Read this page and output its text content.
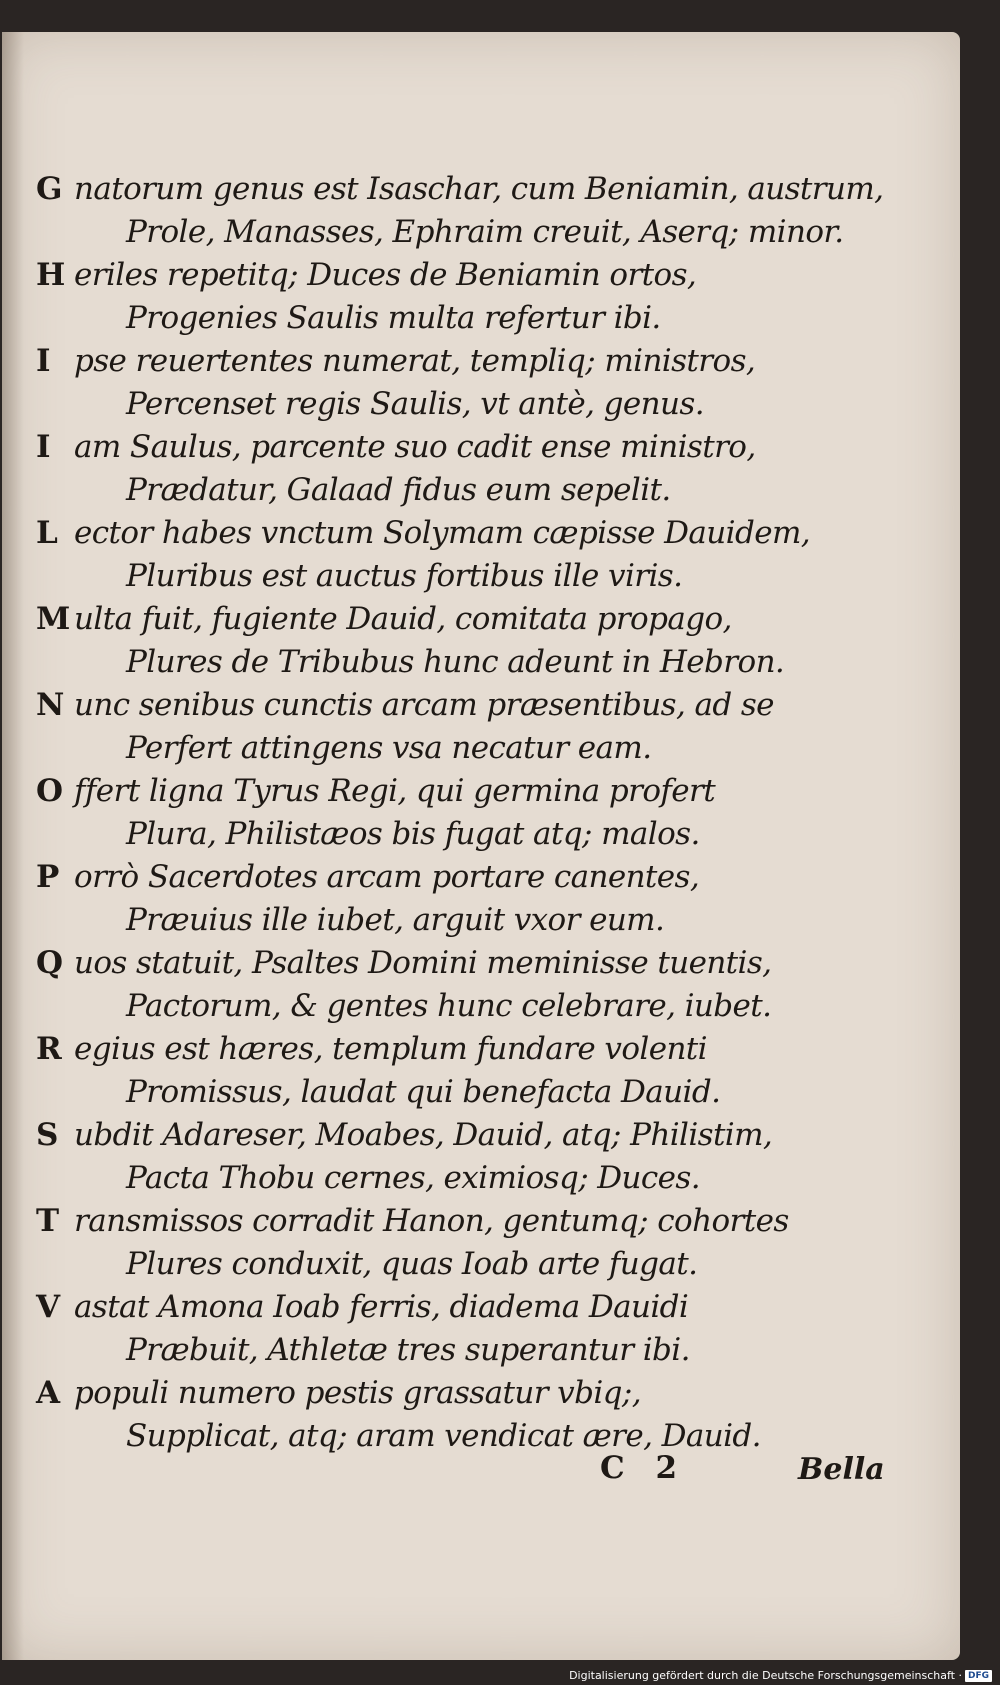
G natorum genus est Isaschar, cum Beniamin, austrum,
Prole, Manasses, Ephraim creuit, Aserq; minor.
H eriles repetitq; Duces de Beniamin ortos,
Progenies Saulis multa refertur ibi.
I pse reuertentes numerat, templiq; ministros,
Percenset regis Saulis, vt antè, genus.
I am Saulus, parcente suo cadit ense ministro,
Prædatur, Galaad fidus eum sepelit.
L ector habes vnctum Solymam cæpisse Dauidem,
Pluribus est auctus fortibus ille viris.
M ulta fuit, fugiente Dauid, comitata propago,
Plures de Tribubus hunc adeunt in Hebron.
N unc senibus cunctis arcam præsentibus, ad se
Perfert attingens vsa necatur eam.
O ffert ligna Tyrus Regi, qui germina profert
Plura, Philistæos bis fugat atq; malos.
P orrò Sacerdotes arcam portare canentes,
Præuius ille iubet, arguit vxor eum.
Q uos statuit, Psaltes Domini meminisse tuentis,
Pactorum, & gentes hunc celebrare, iubet.
R egius est hæres, templum fundare volenti
Promissus, laudat qui benefacta Dauid.
S ubdit Adareser, Moabes, Dauid, atq; Philistim,
Pacta Thobu cernes, eximiosq; Duces.
T ransmissos corradit Hanon, gentumq; cohortes
Plures conduxit, quas Ioab arte fugat.
V astat Amona Ioab ferris, diadema Dauidi
Præbuit, Athletæ tres superantur ibi.
A populi numero pestis grassatur vbiq;,
Supplicat, atq; aram vendicat ære, Dauid.
C 2	Bella
Digitalisierung gefördert durch die Deutsche Forschungsgemeinschaft · DFG
